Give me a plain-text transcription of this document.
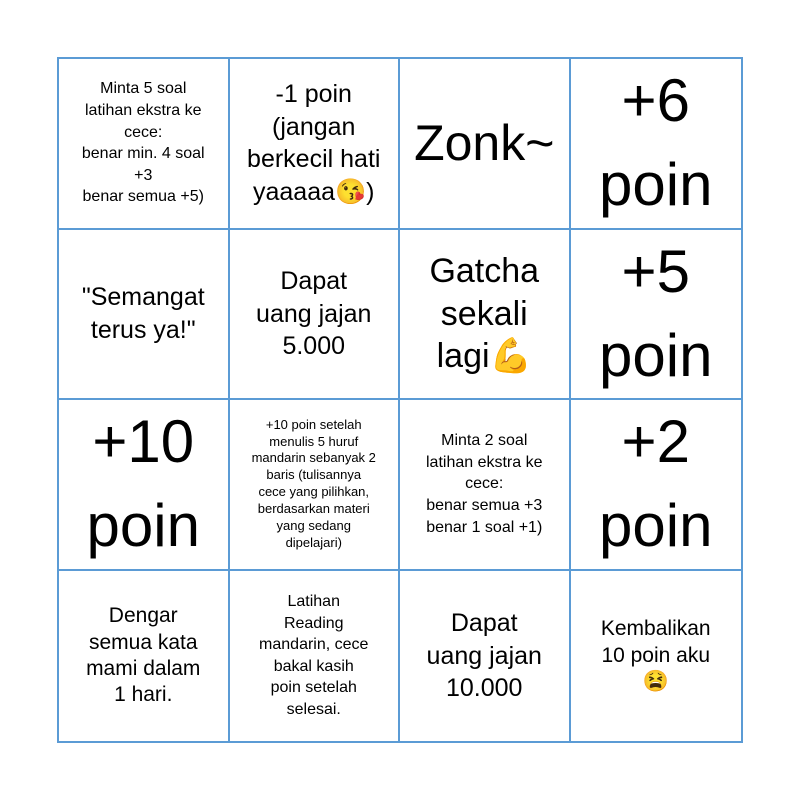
Minta 5 soal
latihan ekstra ke
cece:
benar min. 4 soal
+3
benar semua +5)
-1 poin
(jangan
berkecil hati
yaaaaa😘)
Zonk~
+6
poin
"Semangat
terus ya!"
Dapat
uang jajan
5.000
Gatcha
sekali
lagi💪
+5
poin
+10
poin
+10 poin setelah
menulis 5 huruf
mandarin sebanyak 2
baris (tulisannya
cece yang pilihkan,
berdasarkan materi
yang sedang
dipelajari)
Minta 2 soal
latihan ekstra ke
cece:
benar semua +3
benar 1 soal +1)
+2
poin
Dengar
semua kata
mami dalam
1 hari.
Latihan
Reading
mandarin, cece
bakal kasih
poin setelah
selesai.
Dapat
uang jajan
10.000
Kembalikan
10 poin aku
😫
